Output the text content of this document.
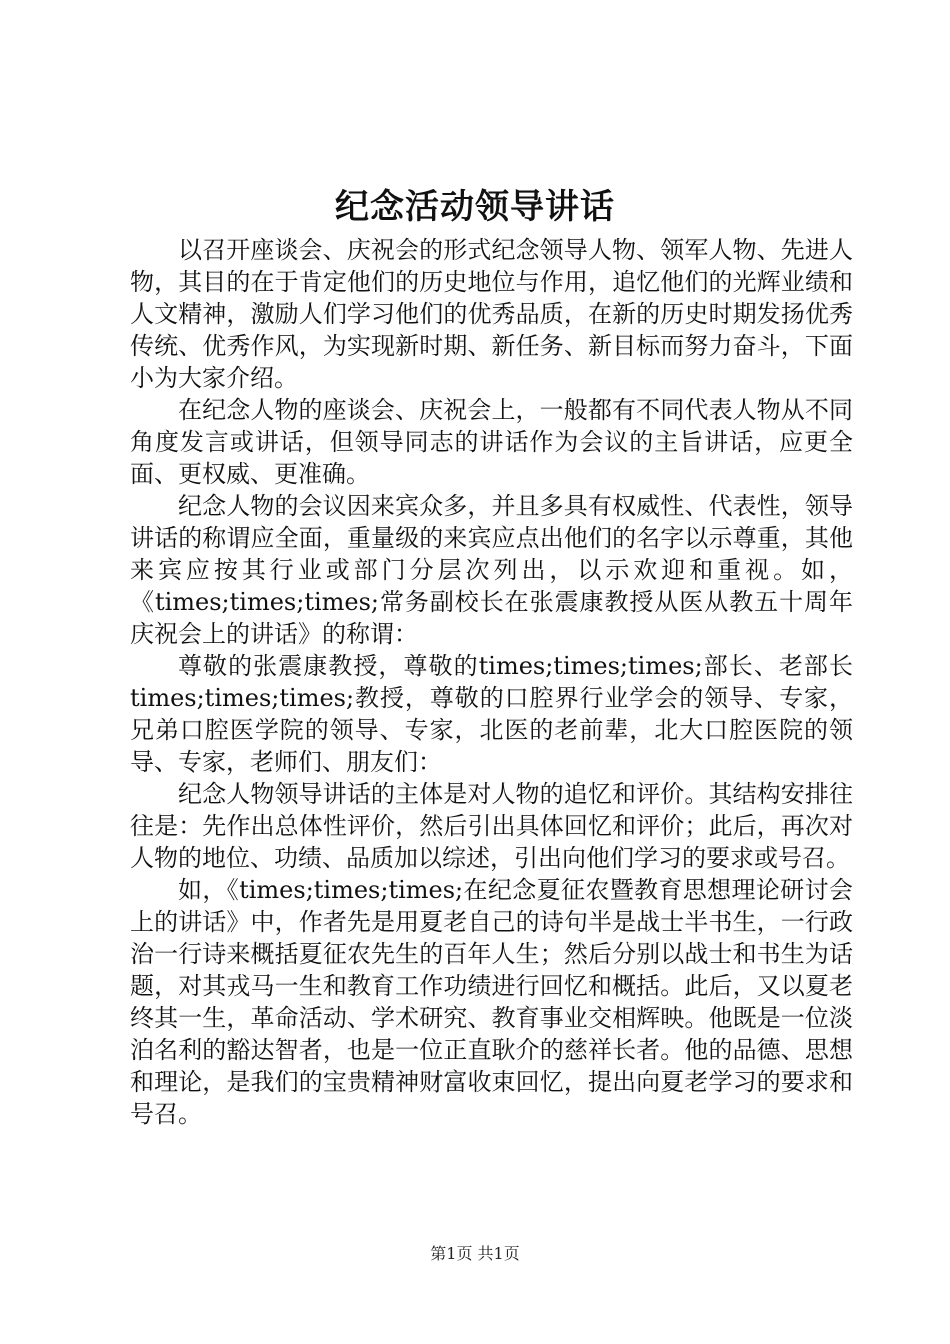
纪念活动领导讲话

以召开座谈会、庆祝会的形式纪念领导人物、领军人物、先进人物，其目的在于肯定他们的历史地位与作用，追忆他们的光辉业绩和人文精神，激励人们学习他们的优秀品质，在新的历史时期发扬优秀传统、优秀作风，为实现新时期、新任务、新目标而努力奋斗，下面小为大家介绍。

在纪念人物的座谈会、庆祝会上，一般都有不同代表人物从不同角度发言或讲话，但领导同志的讲话作为会议的主旨讲话，应更全面、更权威、更准确。

纪念人物的会议因来宾众多，并且多具有权威性、代表性，领导讲话的称谓应全面，重量级的来宾应点出他们的名字以示尊重，其他来宾应按其行业或部门分层次列出，以示欢迎和重视。如，《times;times;times;常务副校长在张震康教授从医从教五十周年庆祝会上的讲话》的称谓：

尊敬的张震康教授，尊敬的times;times;times;部长、老部长times;times;times;教授，尊敬的口腔界行业学会的领导、专家，兄弟口腔医学院的领导、专家，北医的老前辈，北大口腔医院的领导、专家，老师们、朋友们：

纪念人物领导讲话的主体是对人物的追忆和评价。其结构安排往往是：先作出总体性评价，然后引出具体回忆和评价；此后，再次对人物的地位、功绩、品质加以综述，引出向他们学习的要求或号召。

如，《times;times;times;在纪念夏征农暨教育思想理论研讨会上的讲话》中，作者先是用夏老自己的诗句半是战士半书生，一行政治一行诗来概括夏征农先生的百年人生；然后分别以战士和书生为话题，对其戎马一生和教育工作功绩进行回忆和概括。此后，又以夏老终其一生，革命活动、学术研究、教育事业交相辉映。他既是一位淡泊名利的豁达智者，也是一位正直耿介的慈祥长者。他的品德、思想和理论，是我们的宝贵精神财富收束回忆，提出向夏老学习的要求和号召。

第1页 共1页
